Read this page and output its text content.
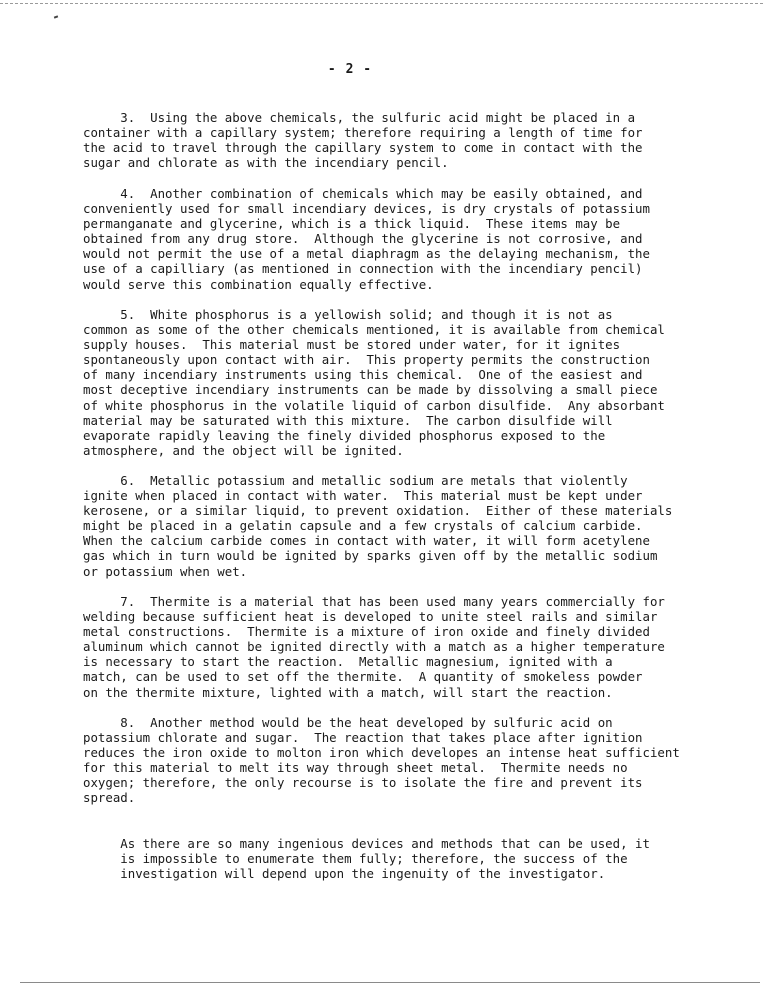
- 2 -

3.  Using the above chemicals, the sulfuric acid might be placed in a
container with a capillary system; therefore requiring a length of time for
the acid to travel through the capillary system to come in contact with the
sugar and chlorate as with the incendiary pencil.

4.  Another combination of chemicals which may be easily obtained, and
conveniently used for small incendiary devices, is dry crystals of potassium
permanganate and glycerine, which is a thick liquid.  These items may be
obtained from any drug store.  Although the glycerine is not corrosive, and
would not permit the use of a metal diaphragm as the delaying mechanism, the
use of a capilliary (as mentioned in connection with the incendiary pencil)
would serve this combination equally effective.

5.  White phosphorus is a yellowish solid; and though it is not as
common as some of the other chemicals mentioned, it is available from chemical
supply houses.  This material must be stored under water, for it ignites
spontaneously upon contact with air.  This property permits the construction
of many incendiary instruments using this chemical.  One of the easiest and
most deceptive incendiary instruments can be made by dissolving a small piece
of white phosphorus in the volatile liquid of carbon disulfide.  Any absorbant
material may be saturated with this mixture.  The carbon disulfide will
evaporate rapidly leaving the finely divided phosphorus exposed to the
atmosphere, and the object will be ignited.

6.  Metallic potassium and metallic sodium are metals that violently
ignite when placed in contact with water.  This material must be kept under
kerosene, or a similar liquid, to prevent oxidation.  Either of these materials
might be placed in a gelatin capsule and a few crystals of calcium carbide.
When the calcium carbide comes in contact with water, it will form acetylene
gas which in turn would be ignited by sparks given off by the metallic sodium
or potassium when wet.

7.  Thermite is a material that has been used many years commercially for
welding because sufficient heat is developed to unite steel rails and similar
metal constructions.  Thermite is a mixture of iron oxide and finely divided
aluminum which cannot be ignited directly with a match as a higher temperature
is necessary to start the reaction.  Metallic magnesium, ignited with a
match, can be used to set off the thermite.  A quantity of smokeless powder
on the thermite mixture, lighted with a match, will start the reaction.

8.  Another method would be the heat developed by sulfuric acid on
potassium chlorate and sugar.  The reaction that takes place after ignition
reduces the iron oxide to molton iron which developes an intense heat sufficient
for this material to melt its way through sheet metal.  Thermite needs no
oxygen; therefore, the only recourse is to isolate the fire and prevent its
spread.

As there are so many ingenious devices and methods that can be used, it
is impossible to enumerate them fully; therefore, the success of the
investigation will depend upon the ingenuity of the investigator.
